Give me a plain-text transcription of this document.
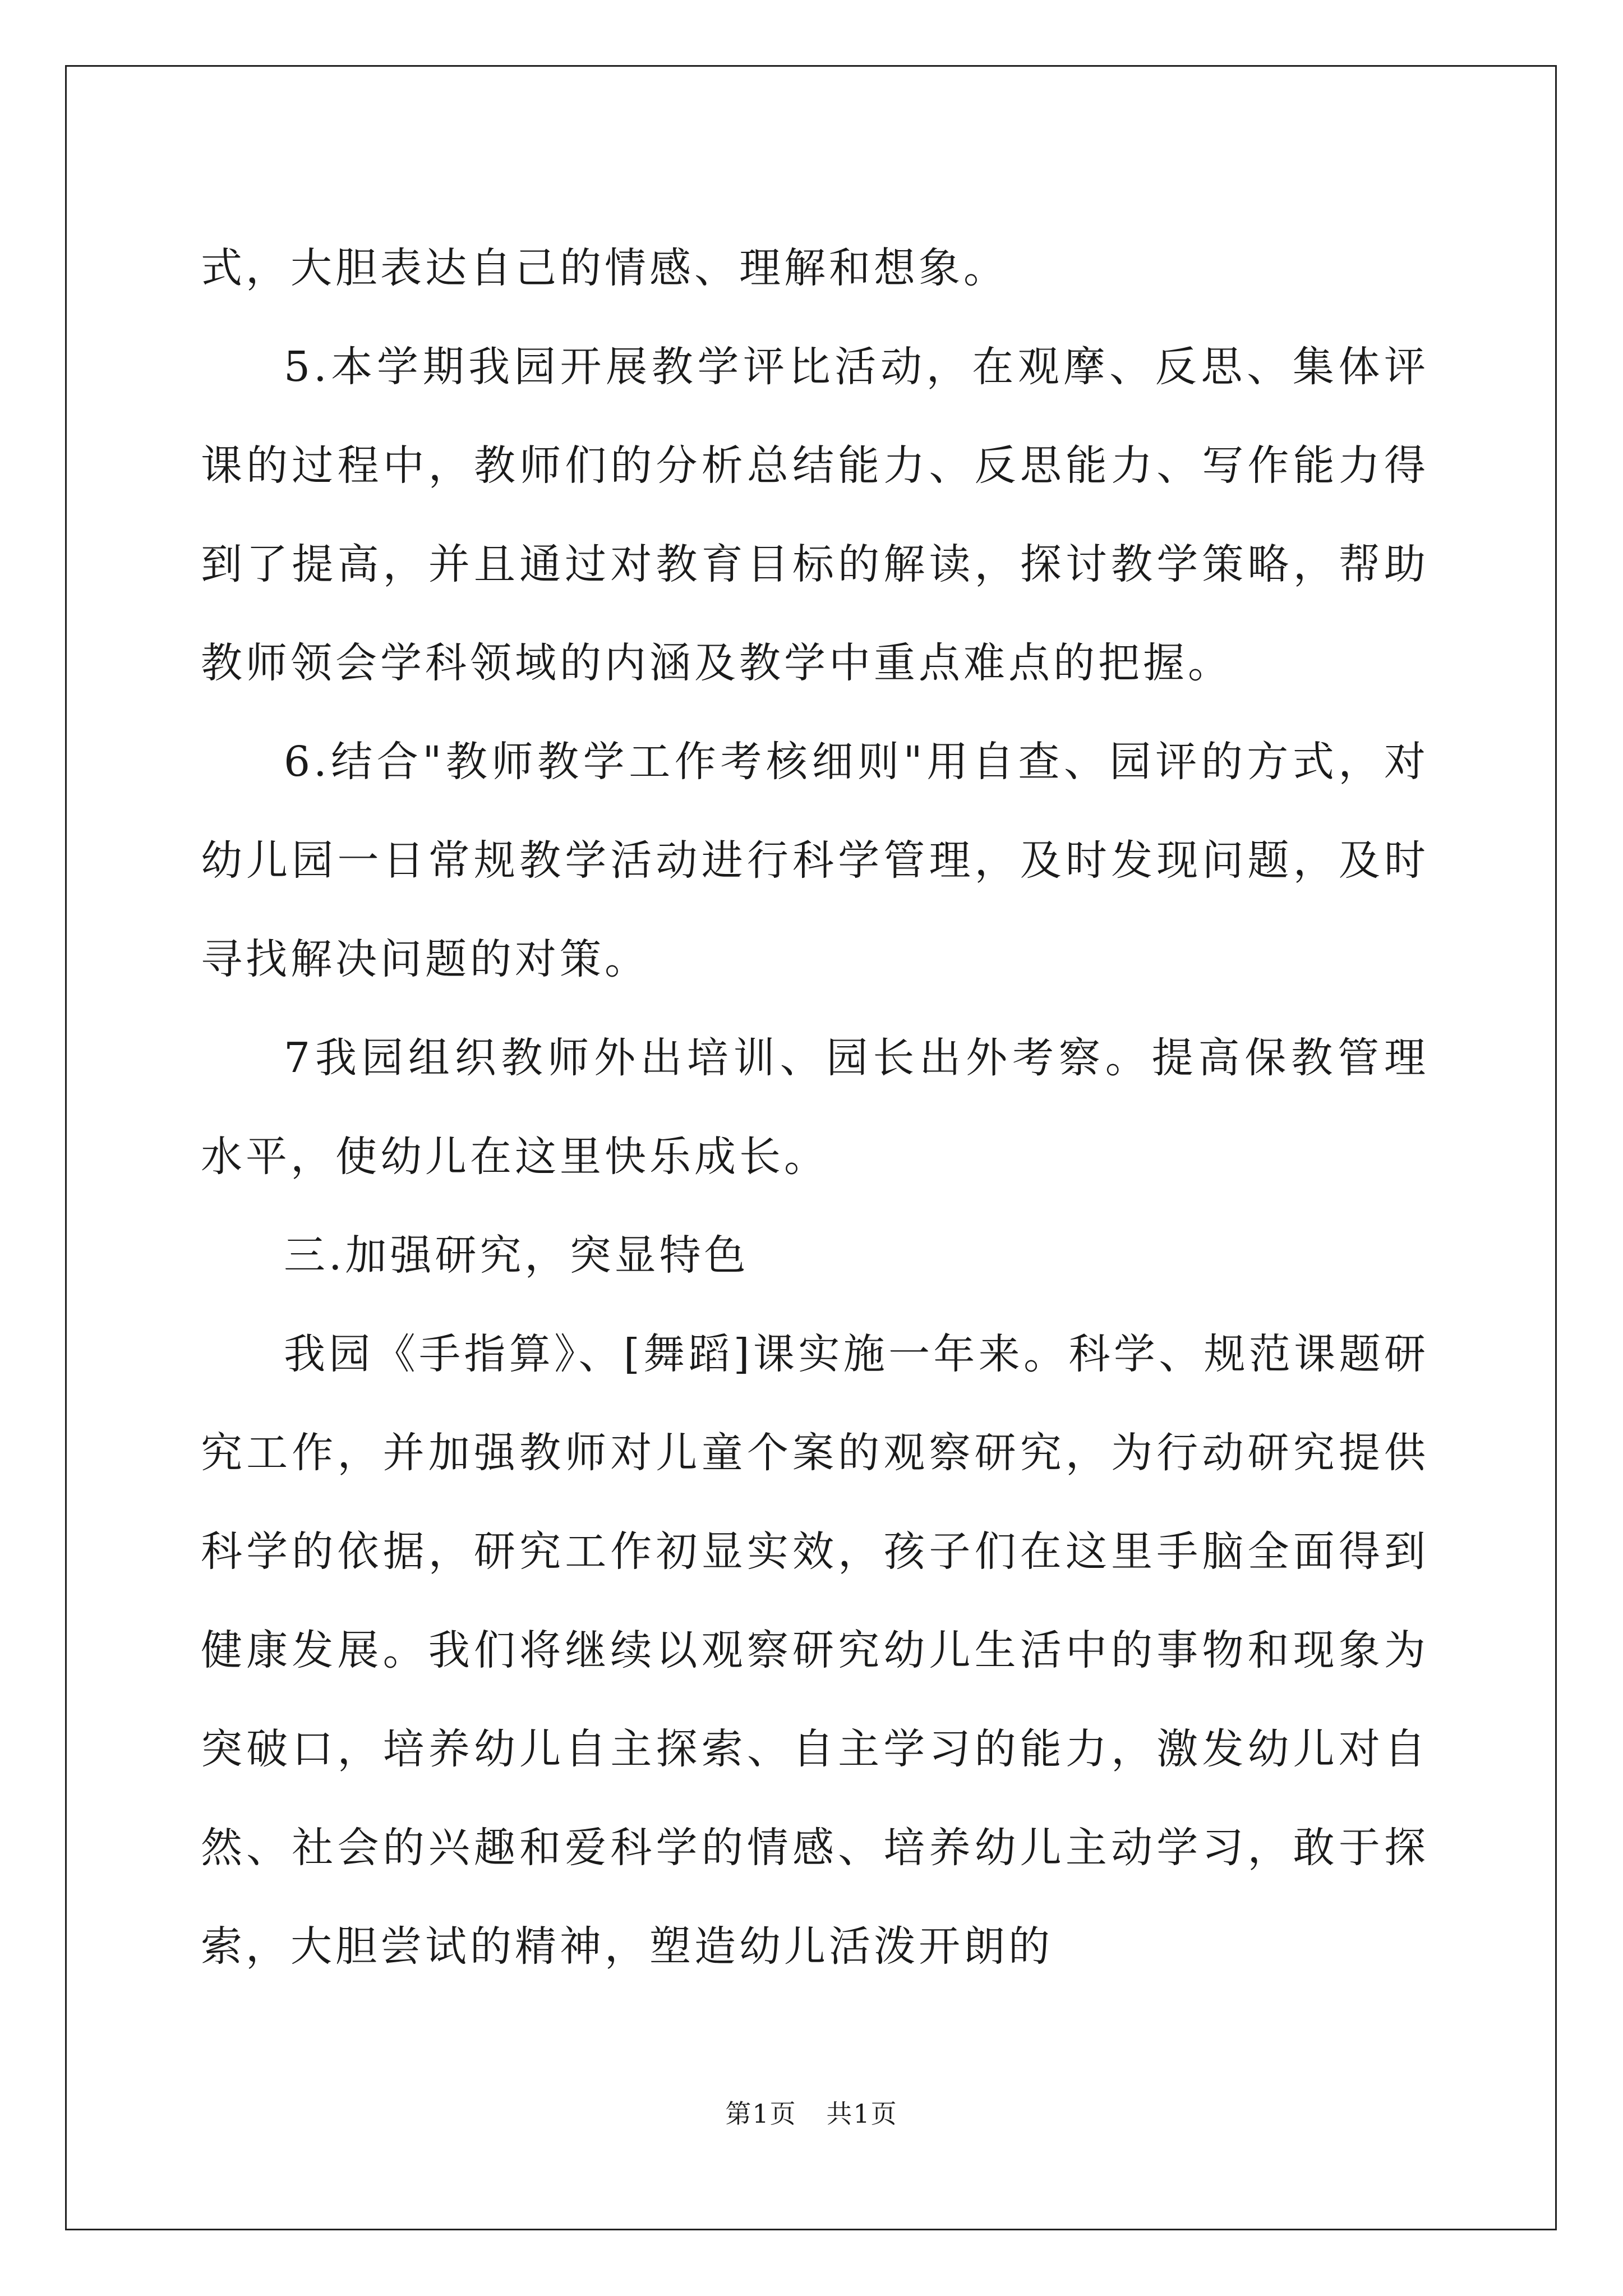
式，大胆表达自己的情感、理解和想象。

5.本学期我园开展教学评比活动，在观摩、反思、集体评课的过程中，教师们的分析总结能力、反思能力、写作能力得到了提高，并且通过对教育目标的解读，探讨教学策略，帮助教师领会学科领域的内涵及教学中重点难点的把握。

6.结合"教师教学工作考核细则"用自查、园评的方式，对幼儿园一日常规教学活动进行科学管理，及时发现问题，及时寻找解决问题的对策。

7我园组织教师外出培训、园长出外考察。提高保教管理水平，使幼儿在这里快乐成长。

三.加强研究，突显特色

我园《手指算》、[舞蹈]课实施一年来。科学、规范课题研究工作，并加强教师对儿童个案的观察研究，为行动研究提供科学的依据，研究工作初显实效，孩子们在这里手脑全面得到健康发展。我们将继续以观察研究幼儿生活中的事物和现象为突破口，培养幼儿自主探索、自主学习的能力，激发幼儿对自然、社会的兴趣和爱科学的情感、培养幼儿主动学习，敢于探索，大胆尝试的精神，塑造幼儿活泼开朗的

第1页 共1页
